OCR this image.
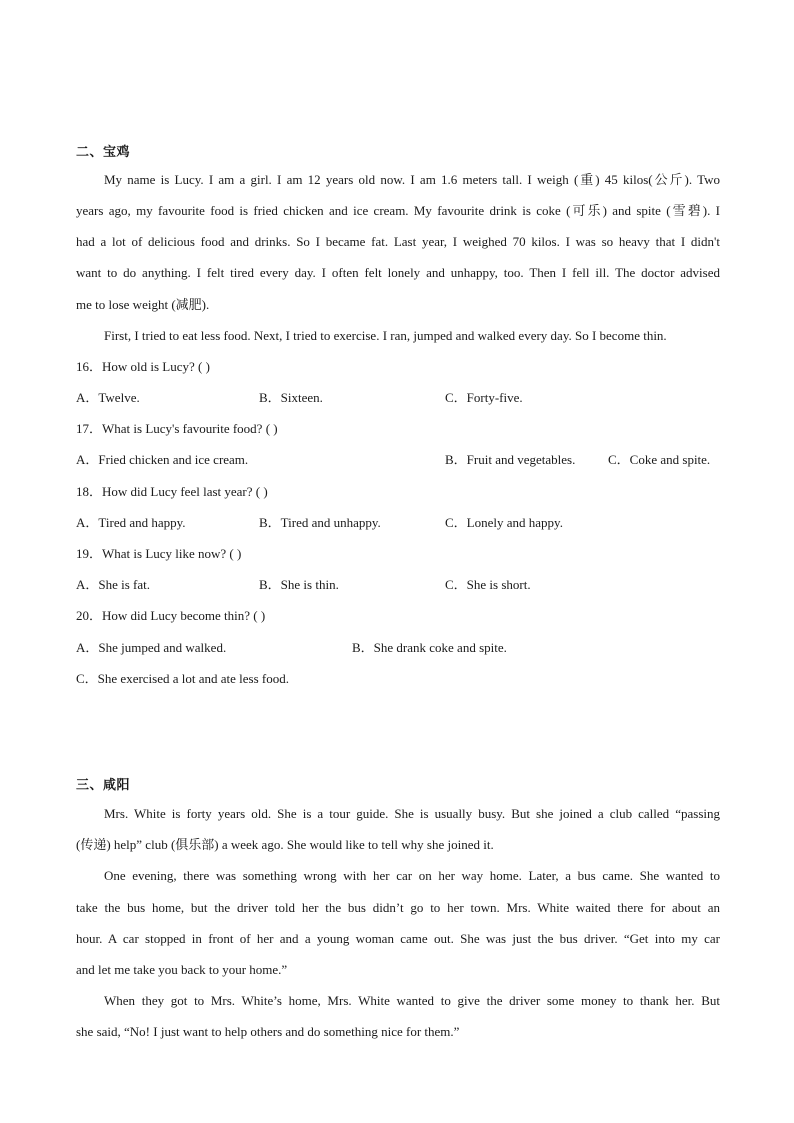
二、宝鸡
My name is Lucy. I am a girl. I am 12 years old now. I am 1.6 meters tall. I weigh (重) 45 kilos(公斤). Two
years ago, my favourite food is fried chicken and ice cream. My favourite drink is coke (可乐) and spite (雪碧). I
had a lot of delicious food and drinks. So I became fat. Last year, I weighed 70 kilos. I was so heavy that I didn't
want to do anything. I felt tired every day. I often felt lonely and unhappy, too. Then I fell ill. The doctor advised
me to lose weight (减肥).
First, I tried to eat less food. Next, I tried to exercise. I ran, jumped and walked every day. So I become thin.
16．How old is Lucy? ( )
A．Twelve.	B．Sixteen.	C．Forty-five.
17．What is Lucy's favourite food? ( )
A．Fried chicken and ice cream.	B．Fruit and vegetables.	C．Coke and spite.
18．How did Lucy feel last year? ( )
A．Tired and happy.	B．Tired and unhappy.	C．Lonely and happy.
19．What is Lucy like now? ( )
A．She is fat.	B．She is thin.	C．She is short.
20．How did Lucy become thin? ( )
A．She jumped and walked.	B．She drank coke and spite.
C．She exercised a lot and ate less food.
三、咸阳
Mrs. White is forty years old. She is a tour guide. She is usually busy. But she joined a club called “passing
(传递) help” club (俱乐部) a week ago. She would like to tell why she joined it.
One evening, there was something wrong with her car on her way home. Later, a bus came. She wanted to
take the bus home, but the driver told her the bus didn’t go to her town. Mrs. White waited there for about an
hour. A car stopped in front of her and a young woman came out. She was just the bus driver. “Get into my car
and let me take you back to your home.”
When they got to Mrs. White’s home, Mrs. White wanted to give the driver some money to thank her. But
she said, “No! I just want to help others and do something nice for them.”
